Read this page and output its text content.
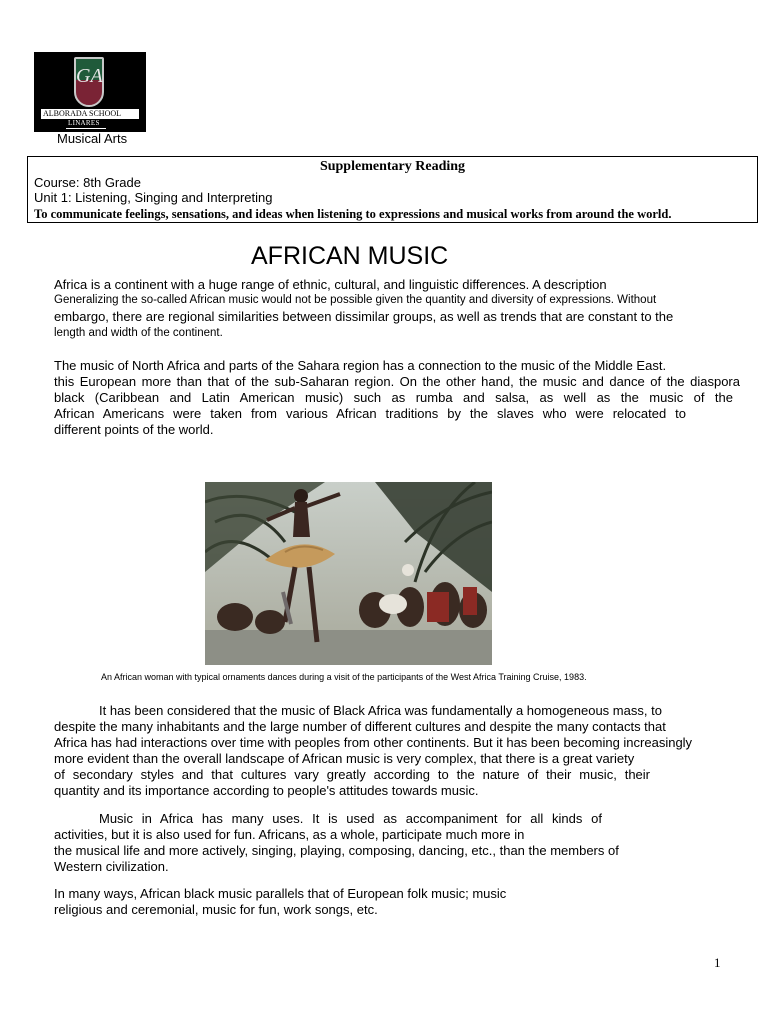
GA
ALBORADA SCHOOL
LINARES
Musical Arts
Supplementary Reading
Course: 8th Grade
Unit 1: Listening, Singing and Interpreting
To communicate feelings, sensations, and ideas when listening to expressions and musical works from around the world.
AFRICAN MUSIC
Africa is a continent with a huge range of ethnic, cultural, and linguistic differences. A description
Generalizing the so-called African music would not be possible given the quantity and diversity of expressions. Without
embargo, there are regional similarities between dissimilar groups, as well as trends that are constant to the
length and width of the continent.
The music of North Africa and parts of the Sahara region has a connection to the music of the Middle East.
this European more than that of the sub-Saharan region. On the other hand, the music and dance of the diaspora
black (Caribbean and Latin American music) such as rumba and salsa, as well as the music of the
African Americans were taken from various African traditions by the slaves who were relocated to
different points of the world.
An African woman with typical ornaments dances during a visit of the participants of the West Africa Training Cruise, 1983.
It has been considered that the music of Black Africa was fundamentally a homogeneous mass, to
despite the many inhabitants and the large number of different cultures and despite the many contacts that
Africa has had interactions over time with peoples from other continents. But it has been becoming increasingly
more evident than the overall landscape of African music is very complex, that there is a great variety
of secondary styles and that cultures vary greatly according to the nature of their music, their
quantity and its importance according to people's attitudes towards music.
Music in Africa has many uses. It is used as accompaniment for all kinds of
activities, but it is also used for fun. Africans, as a whole, participate much more in
the musical life and more actively, singing, playing, composing, dancing, etc., than the members of
Western civilization.
In many ways, African black music parallels that of European folk music; music
religious and ceremonial, music for fun, work songs, etc.
1
